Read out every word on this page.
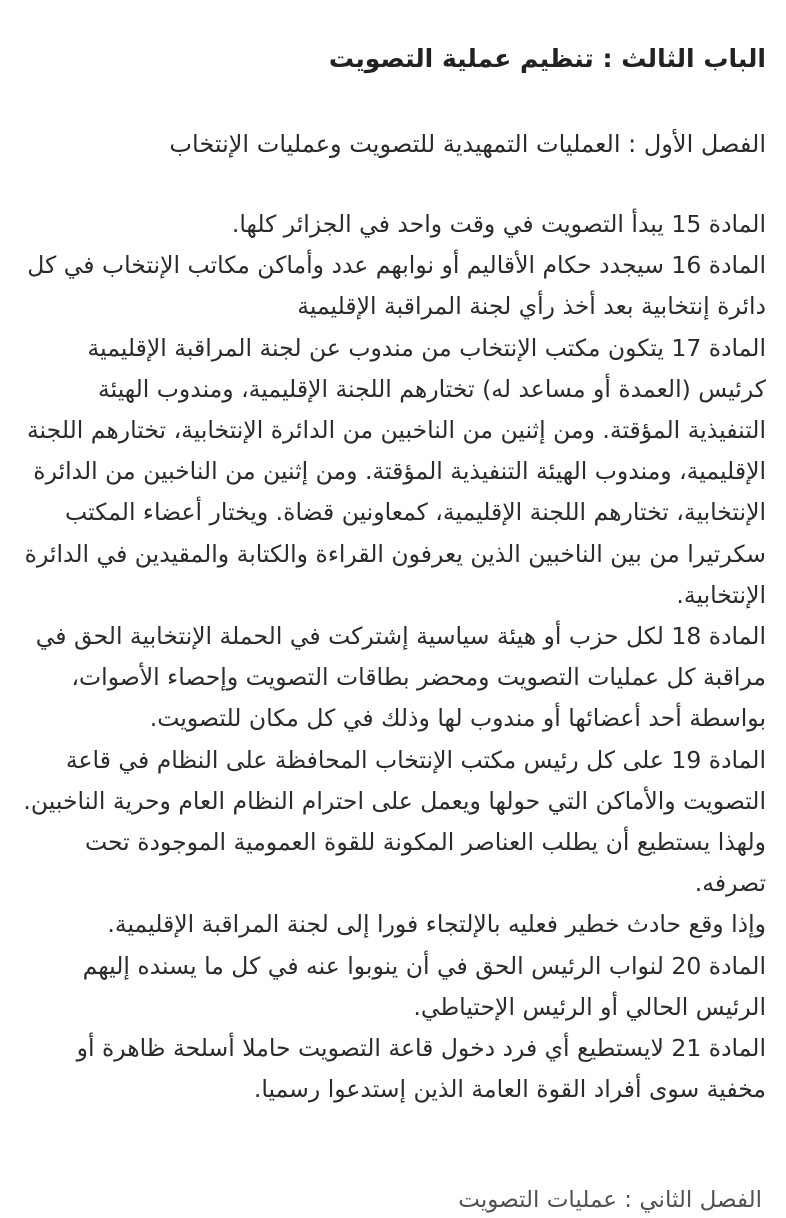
الباب الثالث : تنظيم عملية التصويت
الفصل الأول : العمليات التمهيدية للتصويت وعمليات الإنتخاب

المادة 15 يبدأ التصويت في وقت واحد في الجزائر كلها.

المادة 16 سيجدد حكام الأقاليم أو نوابهم عدد وأماكن مكاتب الإنتخاب في كل دائرة إنتخابية بعد أخذ رأي لجنة المراقبة الإقليمية

المادة 17 يتكون مكتب الإنتخاب من مندوب عن لجنة المراقبة الإقليمية كرئيس (العمدة أو مساعد له) تختارهم اللجنة الإقليمية، ومندوب الهيئة التنفيذية المؤقتة. ومن إثنين من الناخبين من الدائرة الإنتخابية، تختارهم اللجنة الإقليمية، ومندوب الهيئة التنفيذية المؤقتة. ومن إثنين من الناخبين من الدائرة الإنتخابية، تختارهم اللجنة الإقليمية، كمعاونين قضاة. ويختار أعضاء المكتب سكرتيرا من بين الناخبين الذين يعرفون القراءة والكتابة والمقيدين في الدائرة الإنتخابية.

المادة 18 لكل حزب أو هيئة سياسية إشتركت في الحملة الإنتخابية الحق في مراقبة كل عمليات التصويت ومحضر بطاقات التصويت وإحصاء الأصوات، بواسطة أحد أعضائها أو مندوب لها وذلك في كل مكان للتصويت.

المادة 19 على كل رئيس مكتب الإنتخاب المحافظة على النظام في قاعة التصويت والأماكن التي حولها ويعمل على احترام النظام العام وحرية الناخبين. ولهذا يستطيع أن يطلب العناصر المكونة للقوة العمومية الموجودة تحت تصرفه.

وإذا وقع حادث خطير فعليه بالإلتجاء فورا إلى لجنة المراقبة الإقليمية.

المادة 20 لنواب الرئيس الحق في أن ينوبوا عنه في كل ما يسنده إليهم الرئيس الحالي أو الرئيس الإحتياطي.

المادة 21 لايستطيع أي فرد دخول قاعة التصويت حاملا أسلحة ظاهرة أو مخفية سوى أفراد القوة العامة الذين إستدعوا رسميا.

الفصل الثاني : عمليات التصويت
